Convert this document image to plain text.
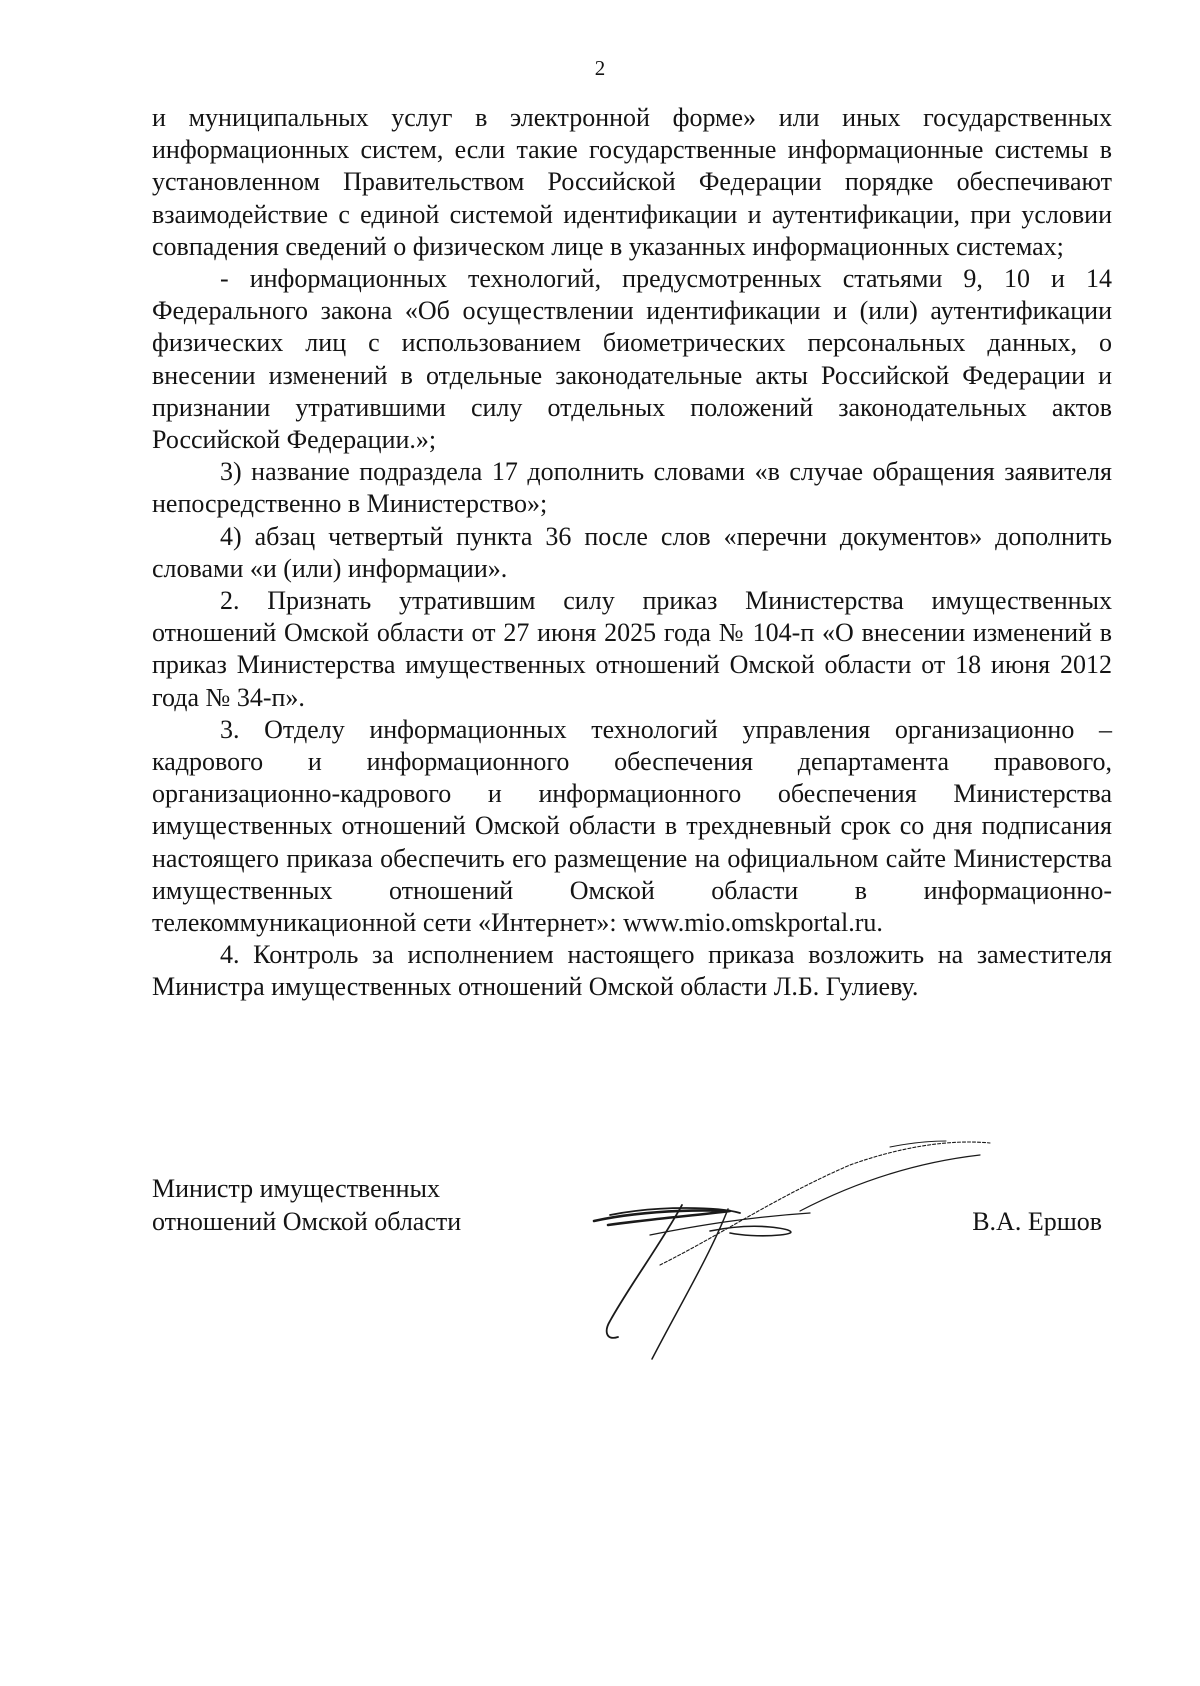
2

и муниципальных услуг в электронной форме» или иных государственных информационных систем, если такие государственные информационные системы в установленном Правительством Российской Федерации порядке обеспечивают взаимодействие с единой системой идентификации и аутентификации, при условии совпадения сведений о физическом лице в указанных информационных системах;

- информационных технологий, предусмотренных статьями 9, 10 и 14 Федерального закона «Об осуществлении идентификации и (или) аутентификации физических лиц с использованием биометрических персональных данных, о внесении изменений в отдельные законодательные акты Российской Федерации и признании утратившими силу отдельных положений законодательных актов Российской Федерации.»;

3) название подраздела 17 дополнить словами «в случае обращения заявителя непосредственно в Министерство»;

4) абзац четвертый пункта 36 после слов «перечни документов» дополнить словами «и (или) информации».

2. Признать утратившим силу приказ Министерства имущественных отношений Омской области от 27 июня 2025 года № 104-п «О внесении изменений в приказ Министерства имущественных отношений Омской области от 18 июня 2012 года № 34-п».

3. Отделу информационных технологий управления организационно – кадрового и информационного обеспечения департамента правового, организационно-кадрового и информационного обеспечения Министерства имущественных отношений Омской области в трехдневный срок со дня подписания настоящего приказа обеспечить его размещение на официальном сайте Министерства имущественных отношений Омской области в информационно-телекоммуникационной сети «Интернет»: www.mio.omskportal.ru.

4. Контроль за исполнением настоящего приказа возложить на заместителя Министра имущественных отношений Омской области Л.Б. Гулиеву.

Министр имущественных
отношений Омской области	В.А. Ершов
